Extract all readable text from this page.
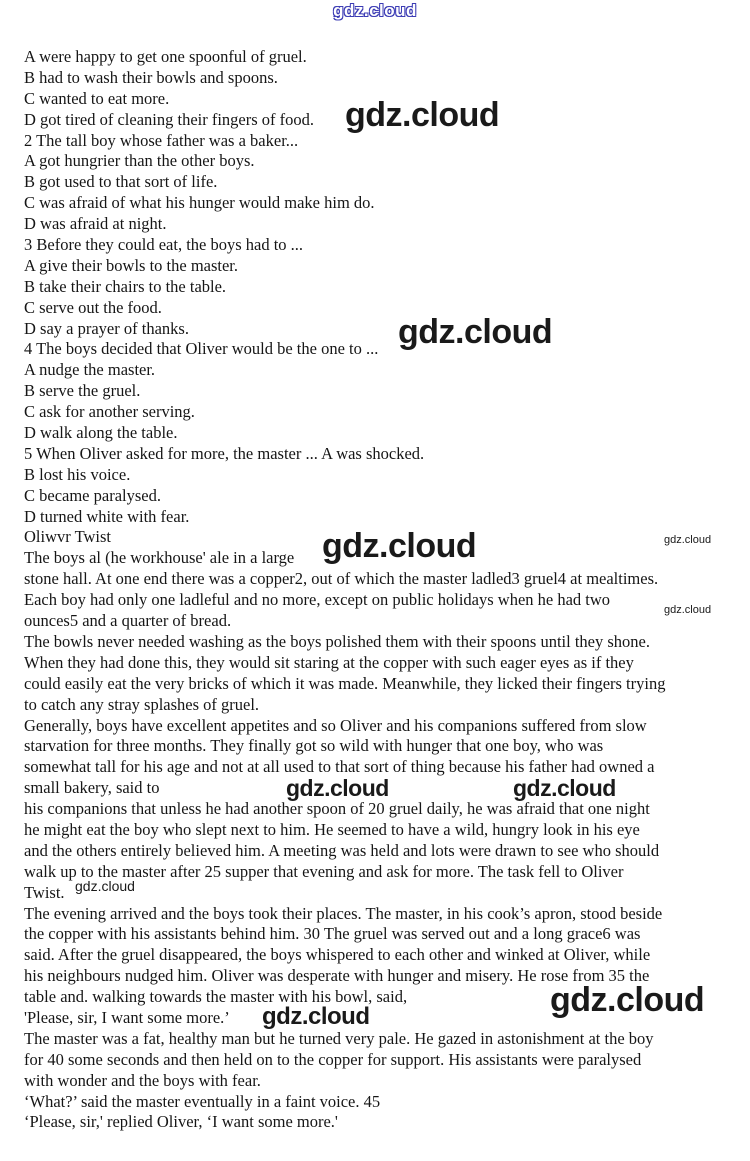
gdz.cloud
A were happy to get one spoonful of gruel.
B had to wash their bowls and spoons.
C wanted to eat more.
D got tired of cleaning their fingers of food.
2 The tall boy whose father was a baker...
A got hungrier than the other boys.
B got used to that sort of life.
C was afraid of what his hunger would make him do.
D was afraid at night.
3 Before they could eat, the boys had to ...
A give their bowls to the master.
B take their chairs to the table.
C serve out the food.
D say a prayer of thanks.
4 The boys decided that Oliver would be the one to ...
A nudge the master.
B serve the gruel.
C ask for another serving.
D walk along the table.
5 When Oliver asked for more, the master ... A was shocked.
B lost his voice.
C became paralysed.
D turned white with fear.
Oliwvr Twist
The boys al (he workhouse' ale in a large
stone hall. At one end there was a copper2, out of which the master ladled3 gruel4 at mealtimes.
Each boy had only one ladleful and no more, except on public holidays when he had two
ounces5 and a quarter of bread.
The bowls never needed washing as the boys polished them with their spoons until they shone.
When they had done this, they would sit staring at the copper with such eager eyes as if they
could easily eat the very bricks of which it was made. Meanwhile, they licked their fingers trying
to catch any stray splashes of gruel.
Generally, boys have excellent appetites and so Oliver and his companions suffered from slow
starvation for three months. They finally got so wild with hunger that one boy, who was
somewhat tall for his age and not at all used to that sort of thing because his father had owned a
small bakery, said to
his companions that unless he had another spoon of 20 gruel daily, he was afraid that one night
he might eat the boy who slept next to him. He seemed to have a wild, hungry look in his eye
and the others entirely believed him. A meeting was held and lots were drawn to see who should
walk up to the master after 25 supper that evening and ask for more. The task fell to Oliver
Twist.
The evening arrived and the boys took their places. The master, in his cook’s apron, stood beside
the copper with his assistants behind him. 30 The gruel was served out and a long grace6 was
said. After the gruel disappeared, the boys whispered to each other and winked at Oliver, while
his neighbours nudged him. Oliver was desperate with hunger and misery. He rose from 35 the
table and. walking towards the master with his bowl, said,
'Please, sir, I want some more.’
The master was a fat, healthy man but he turned very pale. He gazed in astonishment at the boy
for 40 some seconds and then held on to the copper for support. His assistants were paralysed
with wonder and the boys with fear.
‘What?’ said the master eventually in a faint voice. 45
‘Please, sir,' replied Oliver, ‘I want some more.'
gdz.cloud
gdz.cloud
gdz.cloud	gdz.cloud
gdz.cloud
gdz.cloud	gdz.cloud
gdz.cloud
gdz.cloud
gdz.cloud
